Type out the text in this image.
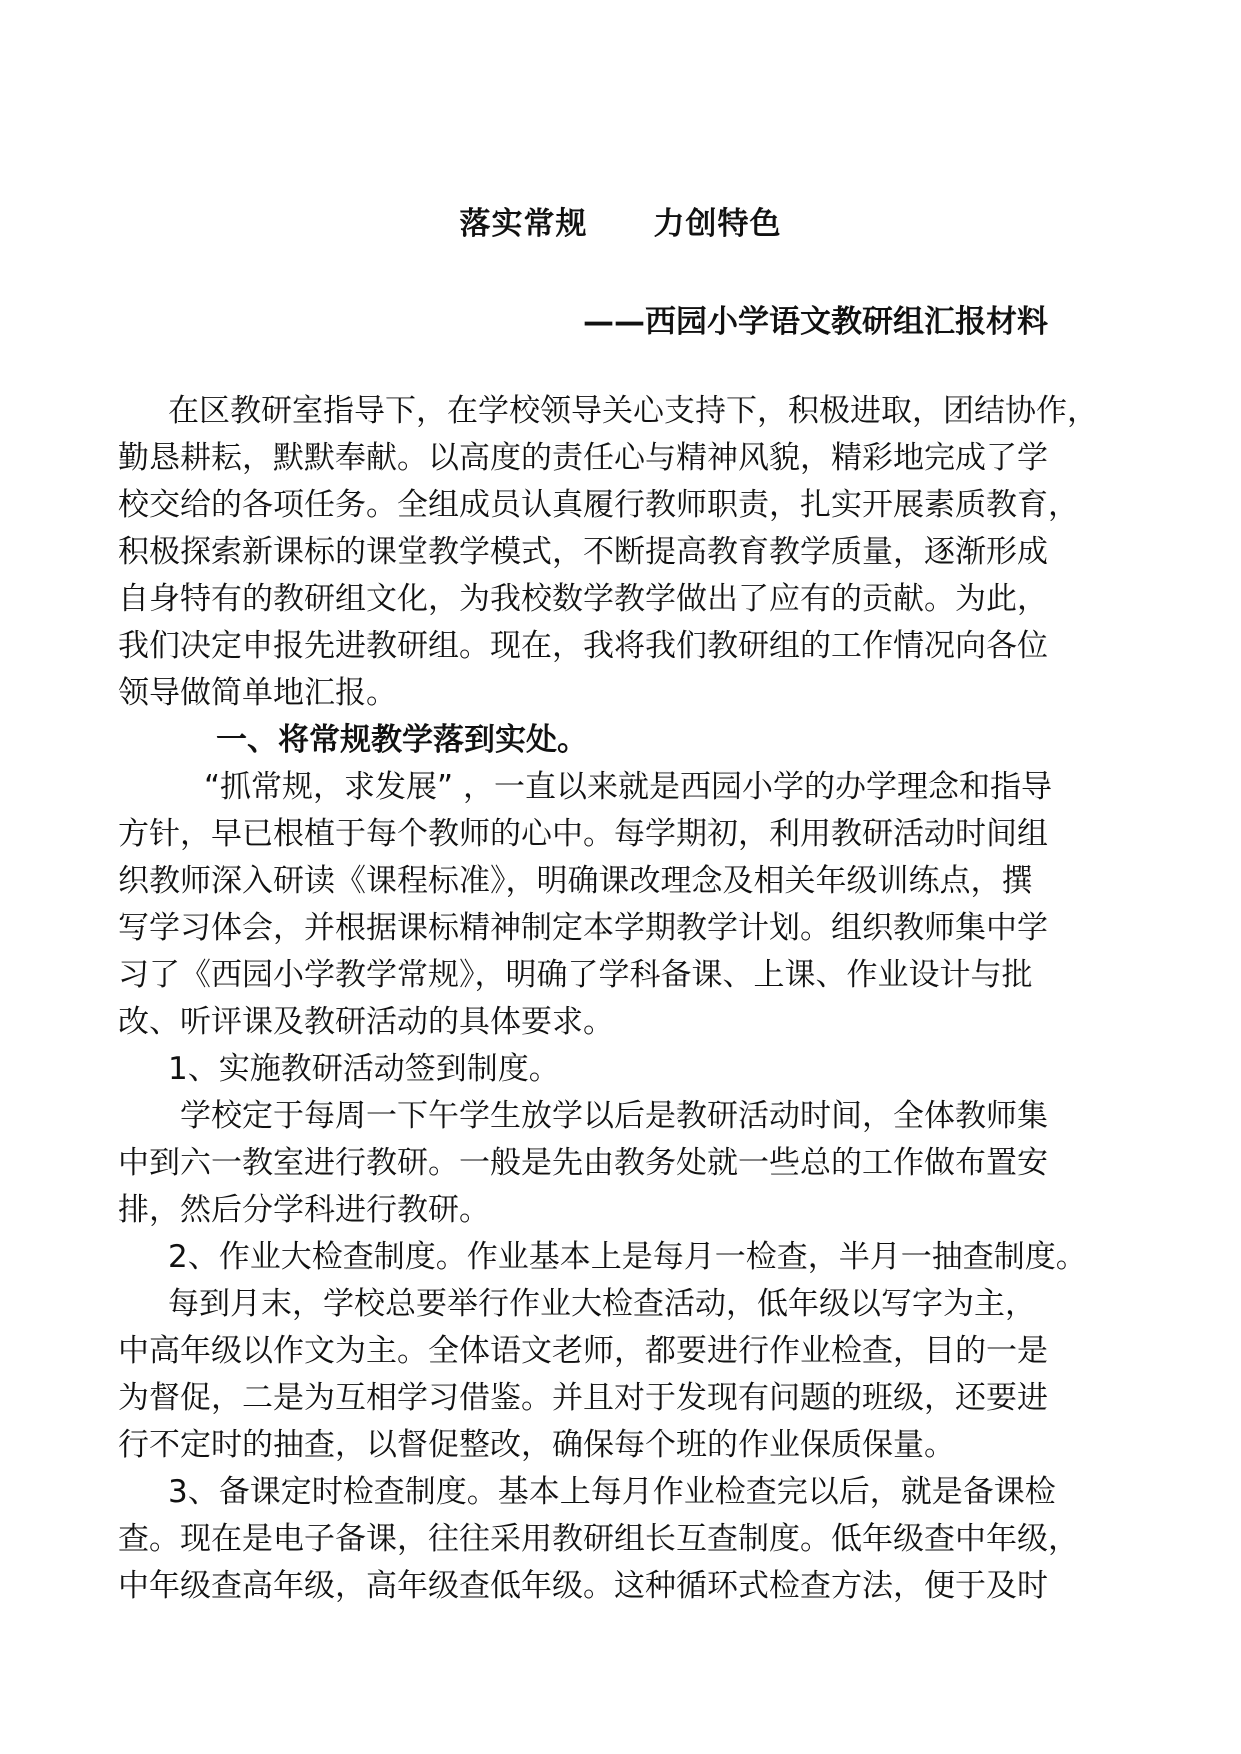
落实常规 力创特色
——西园小学语文教研组汇报材料

在区教研室指导下，在学校领导关心支持下，积极进取，团结协作，

勤恳耕耘，默默奉献。以高度的责任心与精神风貌，精彩地完成了学

校交给的各项任务。全组成员认真履行教师职责，扎实开展素质教育，

积极探索新课标的课堂教学模式，不断提高教育教学质量，逐渐形成

自身特有的教研组文化，为我校数学教学做出了应有的贡献。为此，

我们决定申报先进教研组。现在，我将我们教研组的工作情况向各位

领导做简单地汇报。

一、将常规教学落到实处。

“抓常规，求发展” ，一直以来就是西园小学的办学理念和指导

方针，早已根植于每个教师的心中。每学期初，利用教研活动时间组

织教师深入研读《课程标准》，明确课改理念及相关年级训练点，撰

写学习体会，并根据课标精神制定本学期教学计划。组织教师集中学

习了《西园小学教学常规》，明确了学科备课、上课、作业设计与批

改、听评课及教研活动的具体要求。

1、实施教研活动签到制度。

学校定于每周一下午学生放学以后是教研活动时间，全体教师集

中到六一教室进行教研。一般是先由教务处就一些总的工作做布置安

排，然后分学科进行教研。

2、作业大检查制度。作业基本上是每月一检查，半月一抽查制度。

每到月末，学校总要举行作业大检查活动，低年级以写字为主，

中高年级以作文为主。全体语文老师，都要进行作业检查，目的一是

为督促，二是为互相学习借鉴。并且对于发现有问题的班级，还要进

行不定时的抽查，以督促整改，确保每个班的作业保质保量。

3、备课定时检查制度。基本上每月作业检查完以后，就是备课检

查。现在是电子备课，往往采用教研组长互查制度。低年级查中年级，

中年级查高年级，高年级查低年级。这种循环式检查方法，便于及时
